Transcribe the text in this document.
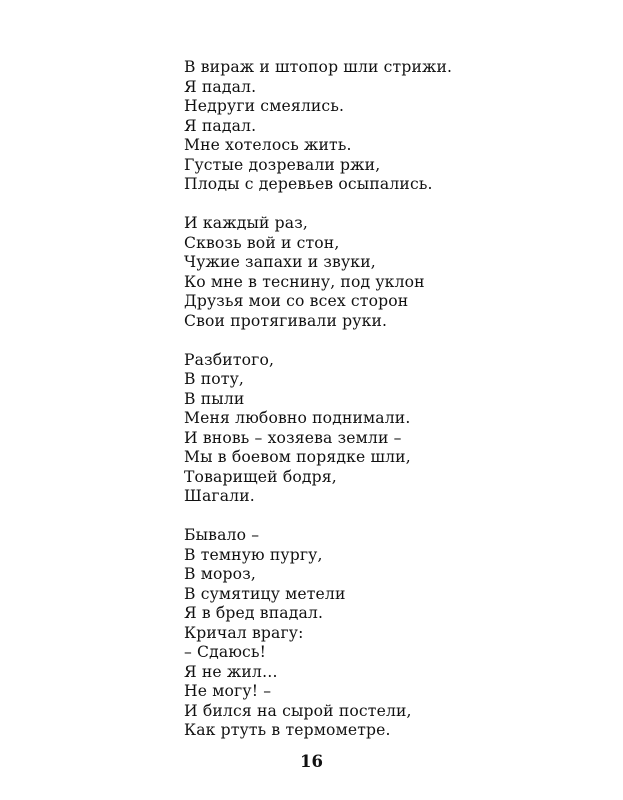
В вираж и штопор шли стрижи.
Я падал.
Недруги смеялись.
Я падал.
Мне хотелось жить.
Густые дозревали ржи,
Плоды с деревьев осыпались.
И каждый раз,
Сквозь вой и стон,
Чужие запахи и звуки,
Ко мне в теснину, под уклон
Друзья мои со всех сторон
Свои протягивали руки.
Разбитого,
В поту,
В пыли
Меня любовно поднимали.
И вновь – хозяева земли –
Мы в боевом порядке шли,
Товарищей бодря,
Шагали.
Бывало –
В темную пургу,
В мороз,
В сумятицу метели
Я в бред впадал.
Кричал врагу:
– Сдаюсь!
Я не жил…
Не могу! –
И бился на сырой постели,
Как ртуть в термометре.
16
